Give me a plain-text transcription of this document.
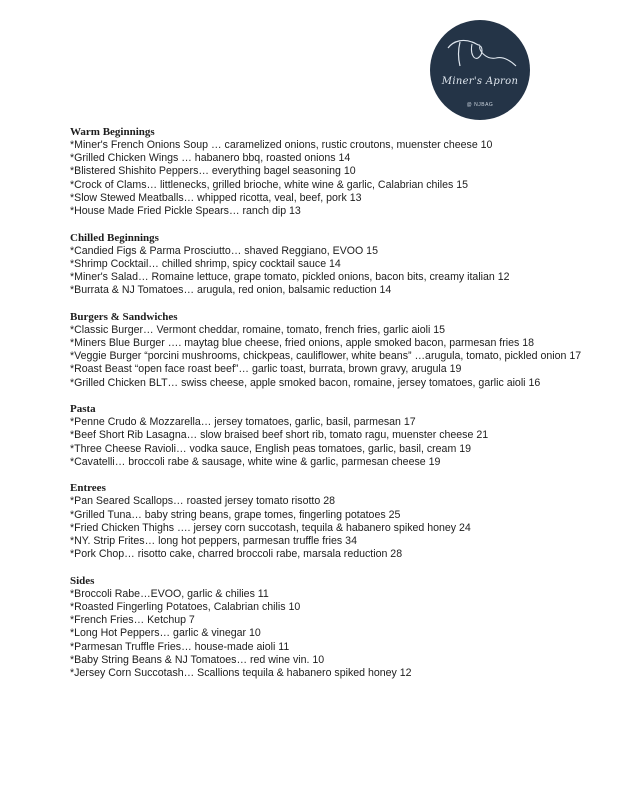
Miner's Apron
@ NJBAG
Warm Beginnings
*Miner's French Onions Soup … caramelized onions, rustic croutons, muenster cheese 10
*Grilled Chicken Wings … habanero bbq, roasted onions 14
*Blistered Shishito Peppers… everything bagel seasoning 10
*Crock of Clams… littlenecks, grilled brioche, white wine & garlic, Calabrian chiles 15
*Slow Stewed Meatballs… whipped ricotta, veal, beef, pork 13
*House Made Fried Pickle Spears… ranch dip 13
Chilled Beginnings
*Candied Figs & Parma Prosciutto… shaved Reggiano, EVOO 15
*Shrimp Cocktail… chilled shrimp, spicy cocktail sauce 14
*Miner's Salad… Romaine lettuce, grape tomato, pickled onions, bacon bits, creamy italian 12
*Burrata & NJ Tomatoes… arugula, red onion, balsamic reduction 14
Burgers & Sandwiches
*Classic Burger… Vermont cheddar, romaine, tomato, french fries, garlic aioli 15
*Miners Blue Burger …. maytag blue cheese, fried onions, apple smoked bacon, parmesan fries 18
*Veggie Burger “porcini mushrooms, chickpeas, cauliflower, white beans” …arugula, tomato, pickled onion 17
*Roast Beast “open face roast beef”… garlic toast, burrata, brown gravy, arugula 19
*Grilled Chicken BLT… swiss cheese, apple smoked bacon, romaine, jersey tomatoes, garlic aioli 16
Pasta
*Penne Crudo & Mozzarella… jersey tomatoes, garlic, basil, parmesan 17
*Beef Short Rib Lasagna… slow braised beef short rib, tomato ragu, muenster cheese 21
*Three Cheese Ravioli… vodka sauce, English peas tomatoes, garlic, basil, cream 19
*Cavatelli… broccoli rabe & sausage, white wine & garlic, parmesan cheese 19
Entrees
*Pan Seared Scallops… roasted jersey tomato risotto 28
*Grilled Tuna… baby string beans, grape tomes, fingerling potatoes 25
*Fried Chicken Thighs …. jersey corn succotash, tequila & habanero spiked honey 24
*NY. Strip Frites… long hot peppers, parmesan truffle fries 34
*Pork Chop… risotto cake, charred broccoli rabe, marsala reduction 28
Sides
*Broccoli Rabe…EVOO, garlic & chilies 11
*Roasted Fingerling Potatoes, Calabrian chilis 10
*French Fries… Ketchup 7
*Long Hot Peppers… garlic & vinegar 10
*Parmesan Truffle Fries… house-made aioli 11
*Baby String Beans & NJ Tomatoes… red wine vin. 10
*Jersey Corn Succotash… Scallions tequila & habanero spiked honey 12
